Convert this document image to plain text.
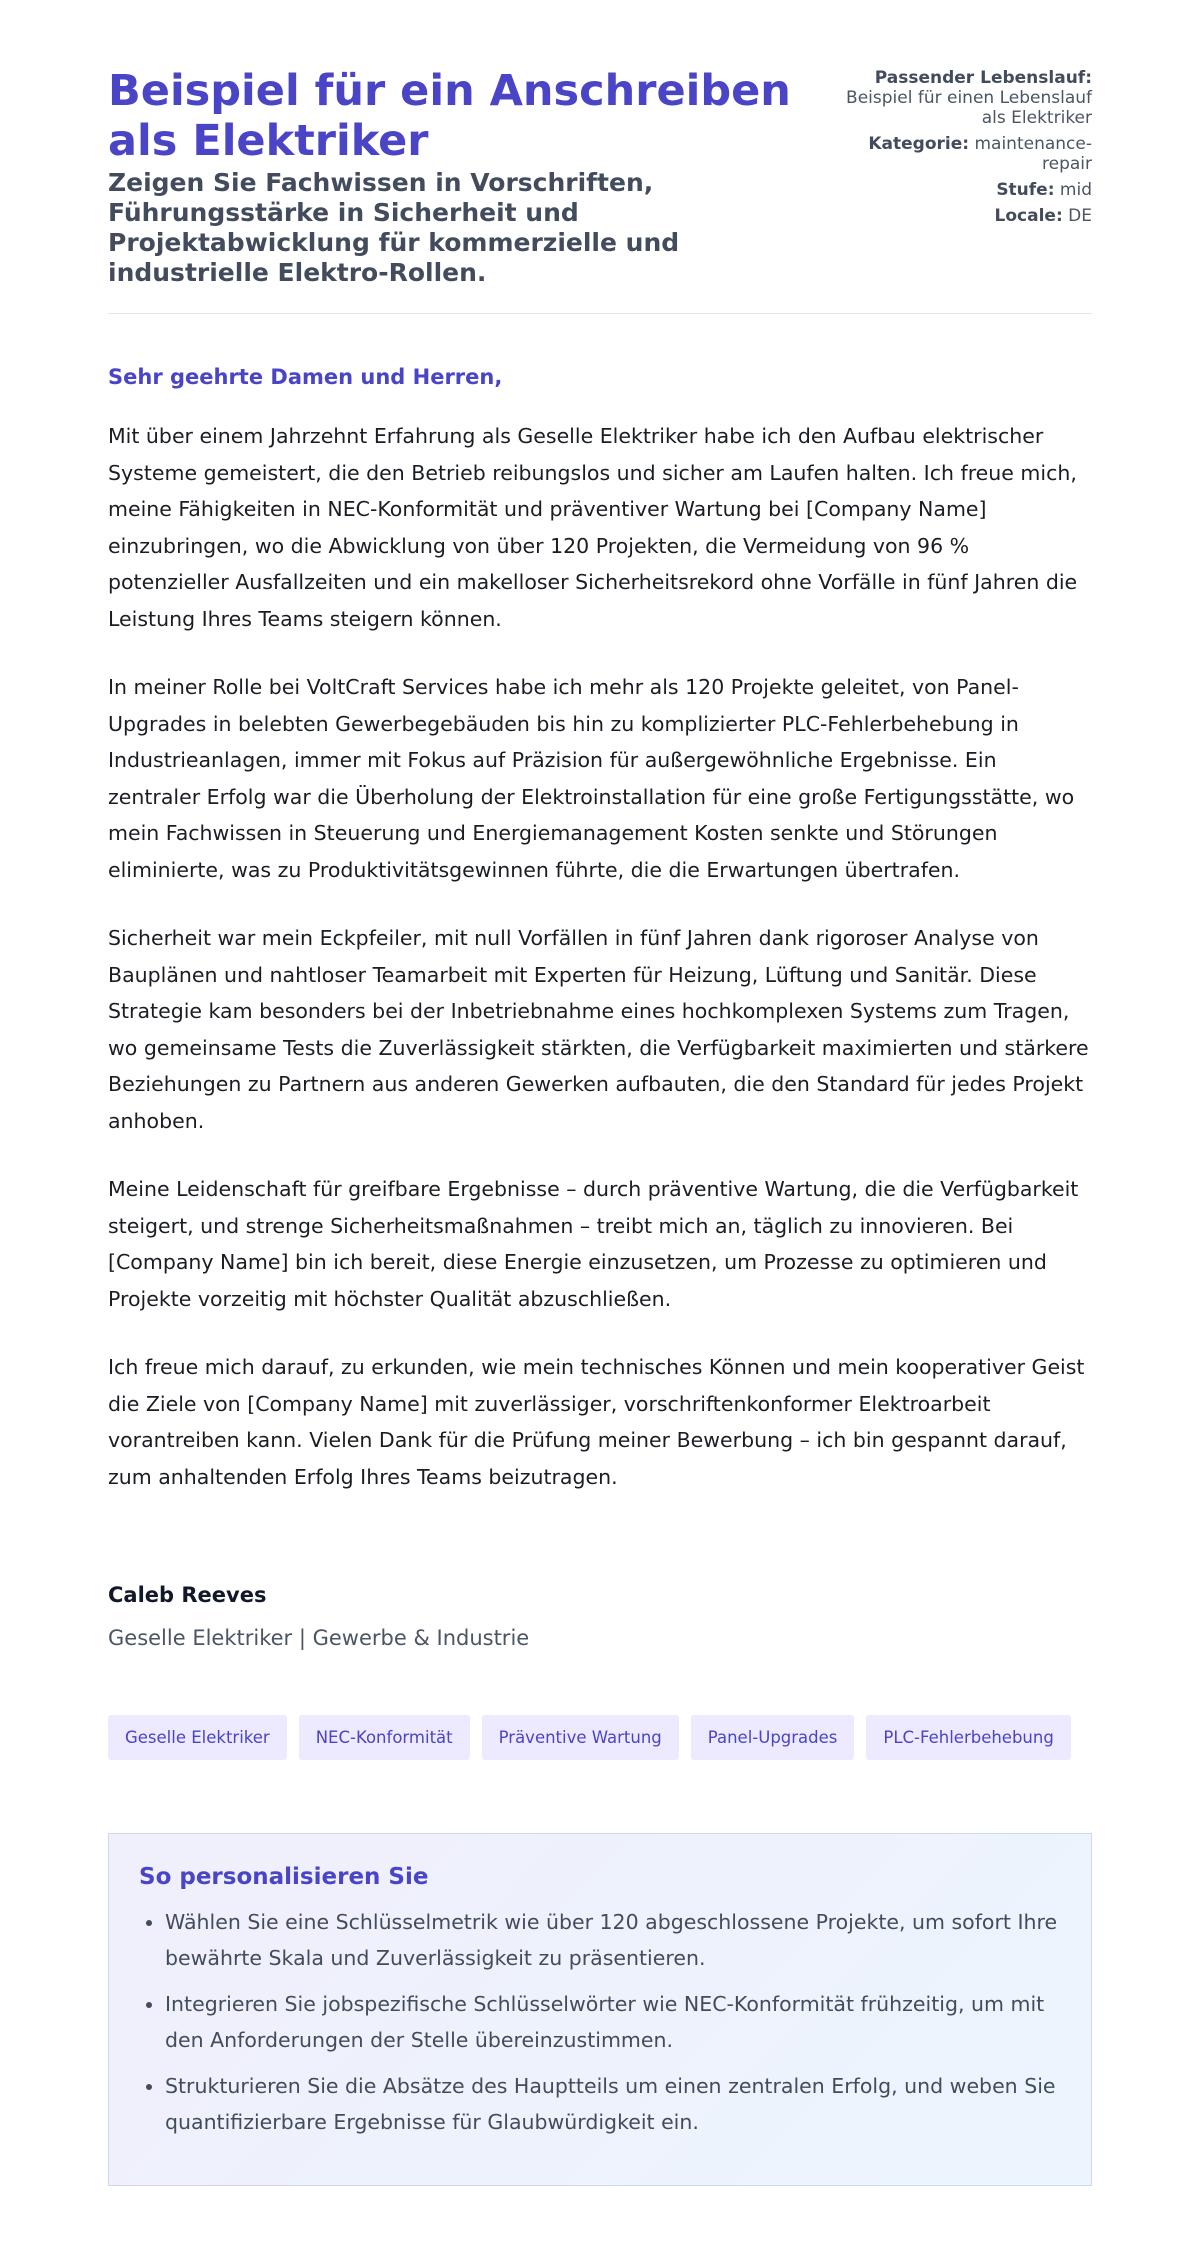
Beispiel für ein Anschreiben als Elektriker
Zeigen Sie Fachwissen in Vorschriften, Führungsstärke in Sicherheit und Projektabwicklung für kommerzielle und industrielle Elektro-Rollen.
Passender Lebenslauf: Beispiel für einen Lebenslauf als Elektriker
Kategorie: maintenance-repair
Stufe: mid
Locale: DE
Sehr geehrte Damen und Herren,

Mit über einem Jahrzehnt Erfahrung als Geselle Elektriker habe ich den Aufbau elektrischer Systeme gemeistert, die den Betrieb reibungslos und sicher am Laufen halten. Ich freue mich, meine Fähigkeiten in NEC-Konformität und präventiver Wartung bei [Company Name] einzubringen, wo die Abwicklung von über 120 Projekten, die Vermeidung von 96 % potenzieller Ausfallzeiten und ein makelloser Sicherheitsrekord ohne Vorfälle in fünf Jahren die Leistung Ihres Teams steigern können.

In meiner Rolle bei VoltCraft Services habe ich mehr als 120 Projekte geleitet, von Panel-Upgrades in belebten Gewerbegebäuden bis hin zu komplizierter PLC-Fehlerbehebung in Industrieanlagen, immer mit Fokus auf Präzision für außergewöhnliche Ergebnisse. Ein zentraler Erfolg war die Überholung der Elektroinstallation für eine große Fertigungsstätte, wo mein Fachwissen in Steuerung und Energiemanagement Kosten senkte und Störungen eliminierte, was zu Produktivitätsgewinnen führte, die die Erwartungen übertrafen.

Sicherheit war mein Eckpfeiler, mit null Vorfällen in fünf Jahren dank rigoroser Analyse von Bauplänen und nahtloser Teamarbeit mit Experten für Heizung, Lüftung und Sanitär. Diese Strategie kam besonders bei der Inbetriebnahme eines hochkomplexen Systems zum Tragen, wo gemeinsame Tests die Zuverlässigkeit stärkten, die Verfügbarkeit maximierten und stärkere Beziehungen zu Partnern aus anderen Gewerken aufbauten, die den Standard für jedes Projekt anhoben.

Meine Leidenschaft für greifbare Ergebnisse – durch präventive Wartung, die die Verfügbarkeit steigert, und strenge Sicherheitsmaßnahmen – treibt mich an, täglich zu innovieren. Bei [Company Name] bin ich bereit, diese Energie einzusetzen, um Prozesse zu optimieren und Projekte vorzeitig mit höchster Qualität abzuschließen.

Ich freue mich darauf, zu erkunden, wie mein technisches Können und mein kooperativer Geist die Ziele von [Company Name] mit zuverlässiger, vorschriftenkonformer Elektroarbeit vorantreiben kann. Vielen Dank für die Prüfung meiner Bewerbung – ich bin gespannt darauf, zum anhaltenden Erfolg Ihres Teams beizutragen.

Caleb Reeves
Geselle Elektriker | Gewerbe & Industrie
Geselle Elektriker	NEC-Konformität	Präventive Wartung	Panel-Upgrades	PLC-Fehlerbehebung
So personalisieren Sie
• Wählen Sie eine Schlüsselmetrik wie über 120 abgeschlossene Projekte, um sofort Ihre bewährte Skala und Zuverlässigkeit zu präsentieren.
• Integrieren Sie jobspezifische Schlüsselwörter wie NEC-Konformität frühzeitig, um mit den Anforderungen der Stelle übereinzustimmen.
• Strukturieren Sie die Absätze des Hauptteils um einen zentralen Erfolg, und weben Sie quantifizierbare Ergebnisse für Glaubwürdigkeit ein.
